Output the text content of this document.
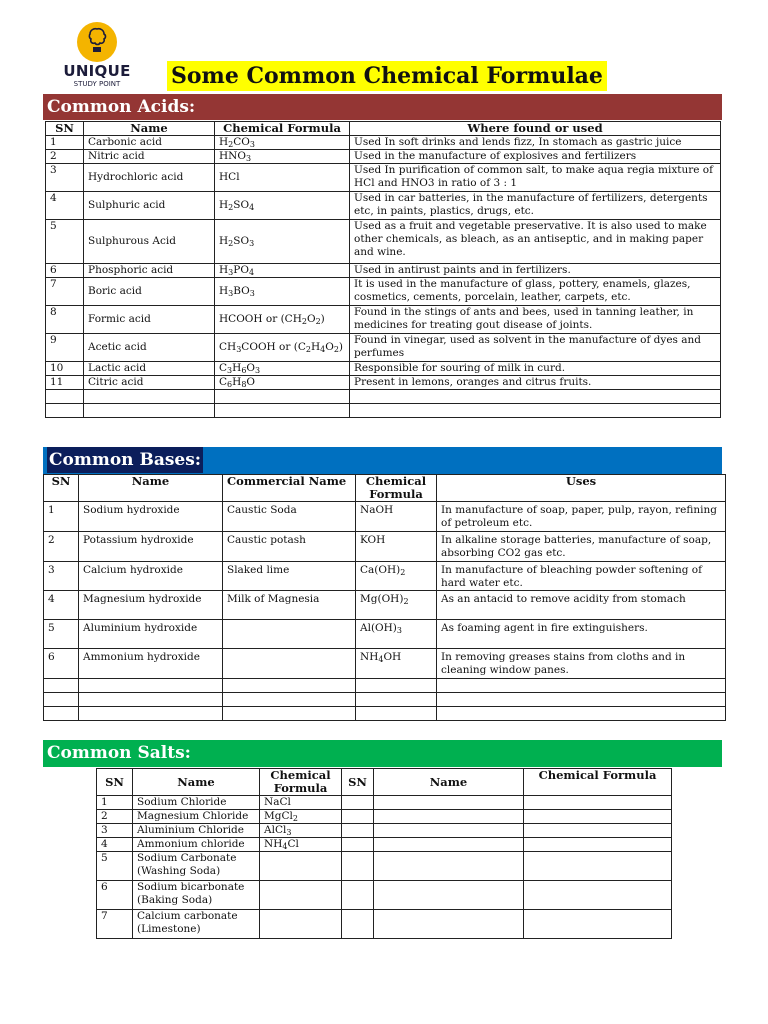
UNIQUE
STUDY POINT	Some Common Chemical Formulae
Common Acids:
SN	Name	Chemical Formula	Where found or used
1	Carbonic acid	$H_2CO_3$	Used In soft drinks and lends fizz, In stomach as gastric juice
2	Nitric acid	$HNO_3$	Used in the manufacture of explosives and fertilizers
3	Hydrochloric acid	HCl	Used In purification of common salt, to make aqua regia mixture of HCl and HNO3 in ratio of 3 : 1
4	Sulphuric acid	$H_2SO_4$	Used in car batteries, in the manufacture of fertilizers, detergents etc, in paints, plastics, drugs, etc.
5	Sulphurous Acid	$H_2SO_3$	Used as a fruit and vegetable preservative. It is also used to make other chemicals, as bleach, as an antiseptic, and in making paper and wine.
6	Phosphoric acid	$H_3PO_4$	Used in antirust paints and in fertilizers.
7	Boric acid	$H_3BO_3$	It is used in the manufacture of glass, pottery, enamels, glazes, cosmetics, cements, porcelain, leather, carpets, etc.
8	Formic acid	HCOOH or $(CH_2O_2)$	Found in the stings of ants and bees, used in tanning leather, in medicines for treating gout disease of joints.
9	Acetic acid	$CH_3COOH$ or $(C_2H_4O_2)$	Found in vinegar, used as solvent in the manufacture of dyes and perfumes
10	Lactic acid	$C_3H_6O_3$	Responsible for souring of milk in curd.
11	Citric acid	$C_6H_8O$	Present in lemons, oranges and citrus fruits.

Common Bases:
SN	Name	Commercial Name	Chemical Formula	Uses
1	Sodium hydroxide	Caustic Soda	NaOH	In manufacture of soap, paper, pulp, rayon, refining of petroleum etc.
2	Potassium hydroxide	Caustic potash	KOH	In alkaline storage batteries, manufacture of soap, absorbing CO2 gas etc.
3	Calcium hydroxide	Slaked lime	$Ca(OH)_2$	In manufacture of bleaching powder softening of hard water etc.
4	Magnesium hydroxide	Milk of Magnesia	$Mg(OH)_2$	As an antacid to remove acidity from stomach
5	Aluminium hydroxide		$Al(OH)_3$	As foaming agent in fire extinguishers.
6	Ammonium hydroxide		$NH_4OH$	In removing greases stains from cloths and in cleaning window panes.

Common Salts:
SN	Name	Chemical Formula	SN	Name	Chemical Formula
1	Sodium Chloride	NaCl			
2	Magnesium Chloride	MgCl$_2$			
3	Aluminium Chloride	AlCl$_3$			
4	Ammonium chloride	$NH_4Cl$			
5	Sodium Carbonate (Washing Soda)				
6	Sodium bicarbonate (Baking Soda)				
7	Calcium carbonate (Limestone)				
